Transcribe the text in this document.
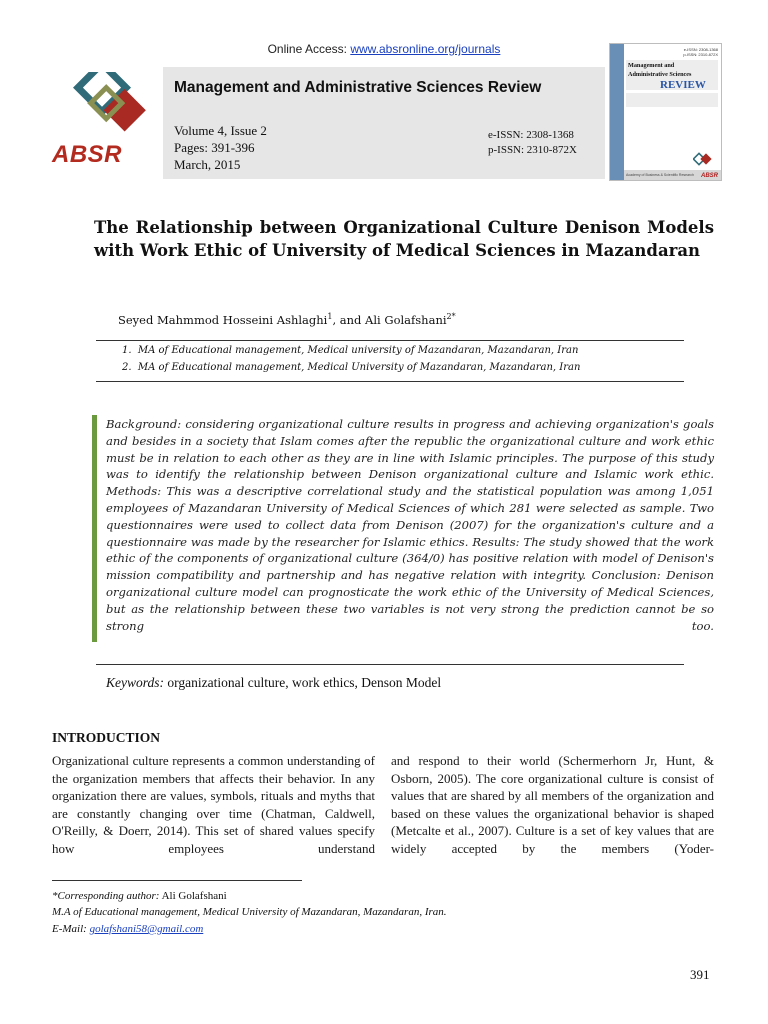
Online Access: www.absronline.org/journals
ABSR
Management and Administrative Sciences Review
Volume 4, Issue 2
Pages: 391-396
March, 2015
e-ISSN: 2308-1368
p-ISSN: 2310-872X
e-ISSN: 2308-1368
p-ISSN: 2310-872X
Management and
Administrative Sciences
REVIEW
Academy of Business & Scientific Research	ABSR
The Relationship between Organizational Culture Denison Models with Work Ethic of University of Medical Sciences in Mazandaran
Seyed Mahmmod Hosseini Ashlaghi$^1$, and Ali Golafshani$^{2*}$
1.  MA of Educational management, Medical university of Mazandaran, Mazandaran, Iran
2.  MA of Educational management, Medical University of Mazandaran, Mazandaran, Iran
Background: considering organizational culture results in progress and achieving organization's goals and besides in a society that Islam comes after the republic the organizational culture and work ethic must be in relation to each other as they are in line with Islamic principles. The purpose of this study was to identify the relationship between Denison organizational culture and Islamic work ethic. Methods: This was a descriptive correlational study and the statistical population was among 1,051 employees of Mazandaran University of Medical Sciences of which 281 were selected as sample. Two questionnaires were used to collect data from Denison (2007) for the organization's culture and a questionnaire was made by the researcher for Islamic ethics. Results: The study showed that the work ethic of the components of organizational culture (364/0) has positive relation with model of Denison's mission compatibility and partnership and has negative relation with integrity. Conclusion: Denison organizational culture model can prognosticate the work ethic of the University of Medical Sciences, but as the relationship between these two variables is not very strong the prediction cannot be so strong too.
Keywords: organizational culture, work ethics, Denson Model
INTRODUCTION
Organizational culture represents a common understanding of the organization members that affects their behavior. In any organization there are values, symbols, rituals and myths that are constantly changing over time (Chatman, Caldwell, O'Reilly, & Doerr, 2014). This set of shared values specify how employees understand
and respond to their world (Schermerhorn Jr, Hunt, & Osborn, 2005). The core organizational culture is consist of values that are shared by all members of the organization and based on these values the organizational behavior is shaped (Metcalte et al., 2007). Culture is a set of key values that are widely accepted by the members (Yoder-
*Corresponding author: Ali Golafshani
M.A of Educational management, Medical University of Mazandaran, Mazandaran, Iran.
E-Mail: golafshani58@gmail.com
391
